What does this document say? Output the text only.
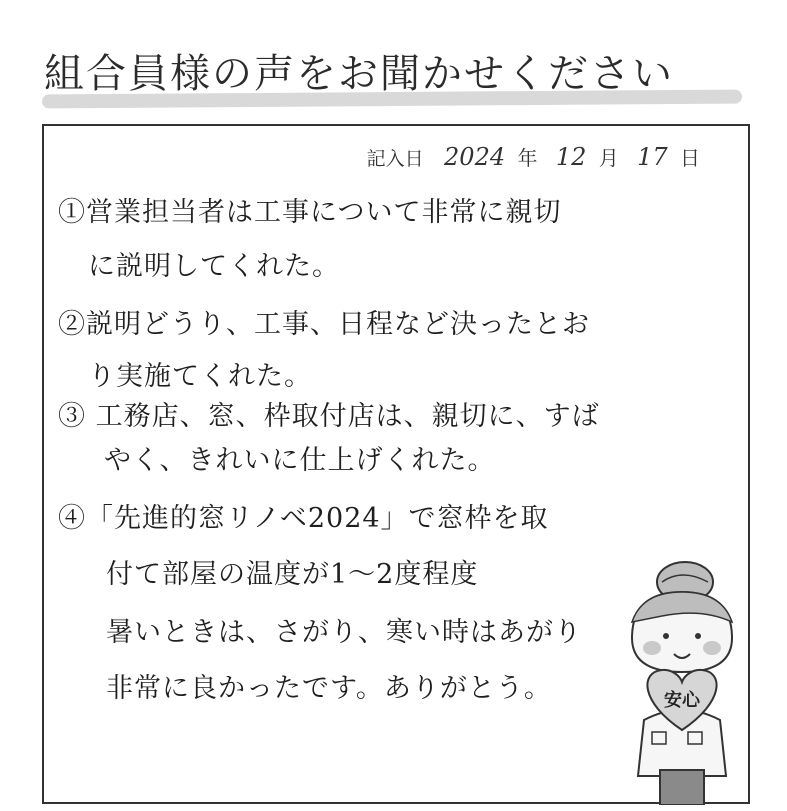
組合員様の声をお聞かせください
記入日 2024 年 12 月 17 日
①営業担当者は工事について非常に親切
に説明してくれた。
②説明どうり、工事、日程など決ったとお
り実施てくれた。
③ 工務店、窓、枠取付店は、親切に、すば
やく、きれいに仕上げくれた。
④「先進的窓リノベ2024」で窓枠を取
付て部屋の温度が1～2度程度
暑いときは、さがり、寒い時はあがり
非常に良かったです。ありがとう。	安心
